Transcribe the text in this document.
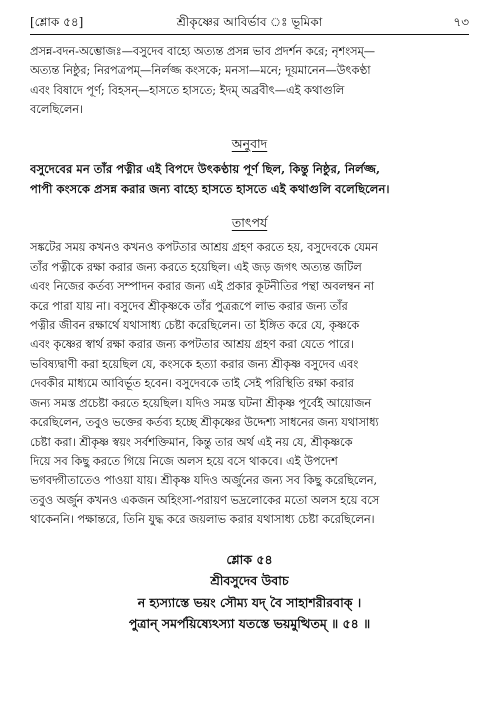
[শ্লোক ৫৪]	শ্রীকৃষ্ণের আবির্ভাব ঃ ভূমিকা	৭৩
প্রসন্ন-বদন-অম্ভোজঃ—বসুদেব বাহ্যে অত্যন্ত প্রসন্ন ভাব প্রদর্শন করে; নৃশংসম্—
অত্যন্ত নিষ্ঠুর; নিরপত্রপম্—নির্লজ্জ কংসকে; মনসা—মনে; দূয়মানেন—উৎকণ্ঠা
এবং বিষাদে পূর্ণ; বিহসন্—হাসতে হাসতে; ইদম্ অব্রবীৎ—এই কথাগুলি
বলেছিলেন।
অনুবাদ
বসুদেবের মন তাঁর পত্নীর এই বিপদে উৎকণ্ঠায় পূর্ণ ছিল, কিন্তু নিষ্ঠুর, নির্লজ্জ,
পাপী কংসকে প্রসন্ন করার জন্য বাহ্যে হাসতে হাসতে এই কথাগুলি বলেছিলেন।
তাৎপর্য
সঙ্কটের সময় কখনও কখনও কপটতার আশ্রয় গ্রহণ করতে হয়, বসুদেবকে যেমন
তাঁর পত্নীকে রক্ষা করার জন্য করতে হয়েছিল। এই জড় জগৎ অত্যন্ত জটিল
এবং নিজের কর্তব্য সম্পাদন করার জন্য এই প্রকার কূটনীতির পন্থা অবলম্বন না
করে পারা যায় না। বসুদেব শ্রীকৃষ্ণকে তাঁর পুত্ররূপে লাভ করার জন্য তাঁর
পত্নীর জীবন রক্ষার্থে যথাসাধ্য চেষ্টা করেছিলেন। তা ইঙ্গিত করে যে, কৃষ্ণকে
এবং কৃষ্ণের স্বার্থ রক্ষা করার জন্য কপটতার আশ্রয় গ্রহণ করা যেতে পারে।
ভবিষ্যদ্বাণী করা হয়েছিল যে, কংসকে হত্যা করার জন্য শ্রীকৃষ্ণ বসুদেব এবং
দেবকীর মাধ্যমে আবির্ভূত হবেন। বসুদেবকে তাই সেই পরিস্থিতি রক্ষা করার
জন্য সমস্ত প্রচেষ্টা করতে হয়েছিল। যদিও সমস্ত ঘটনা শ্রীকৃষ্ণ পূর্বেই আয়োজন
করেছিলেন, তবুও ভক্তের কর্তব্য হচ্ছে শ্রীকৃষ্ণের উদ্দেশ্য সাধনের জন্য যথাসাধ্য
চেষ্টা করা। শ্রীকৃষ্ণ স্বয়ং সর্বশক্তিমান, কিন্তু তার অর্থ এই নয় যে, শ্রীকৃষ্ণকে
দিয়ে সব কিছু করতে গিয়ে নিজে অলস হয়ে বসে থাকবে। এই উপদেশ
ভগবদ্গীতাতেও পাওয়া যায়। শ্রীকৃষ্ণ যদিও অর্জুনের জন্য সব কিছু করেছিলেন,
তবুও অর্জুন কখনও একজন অহিংসা-পরায়ণ ভদ্রলোকের মতো অলস হয়ে বসে
থাকেননি। পক্ষান্তরে, তিনি যুদ্ধ করে জয়লাভ করার যথাসাধ্য চেষ্টা করেছিলেন।
শ্লোক ৫৪
শ্রীবসুদেব উবাচ
ন হ্যস্যাস্তে ভয়ং সৌম্য যদ্ বৈ সাহাশরীরবাক্ ।
পুত্রান্ সমর্পয়িষ্যেঽস্যা যতস্তে ভয়মুত্থিতম্ ॥ ৫৪ ॥
